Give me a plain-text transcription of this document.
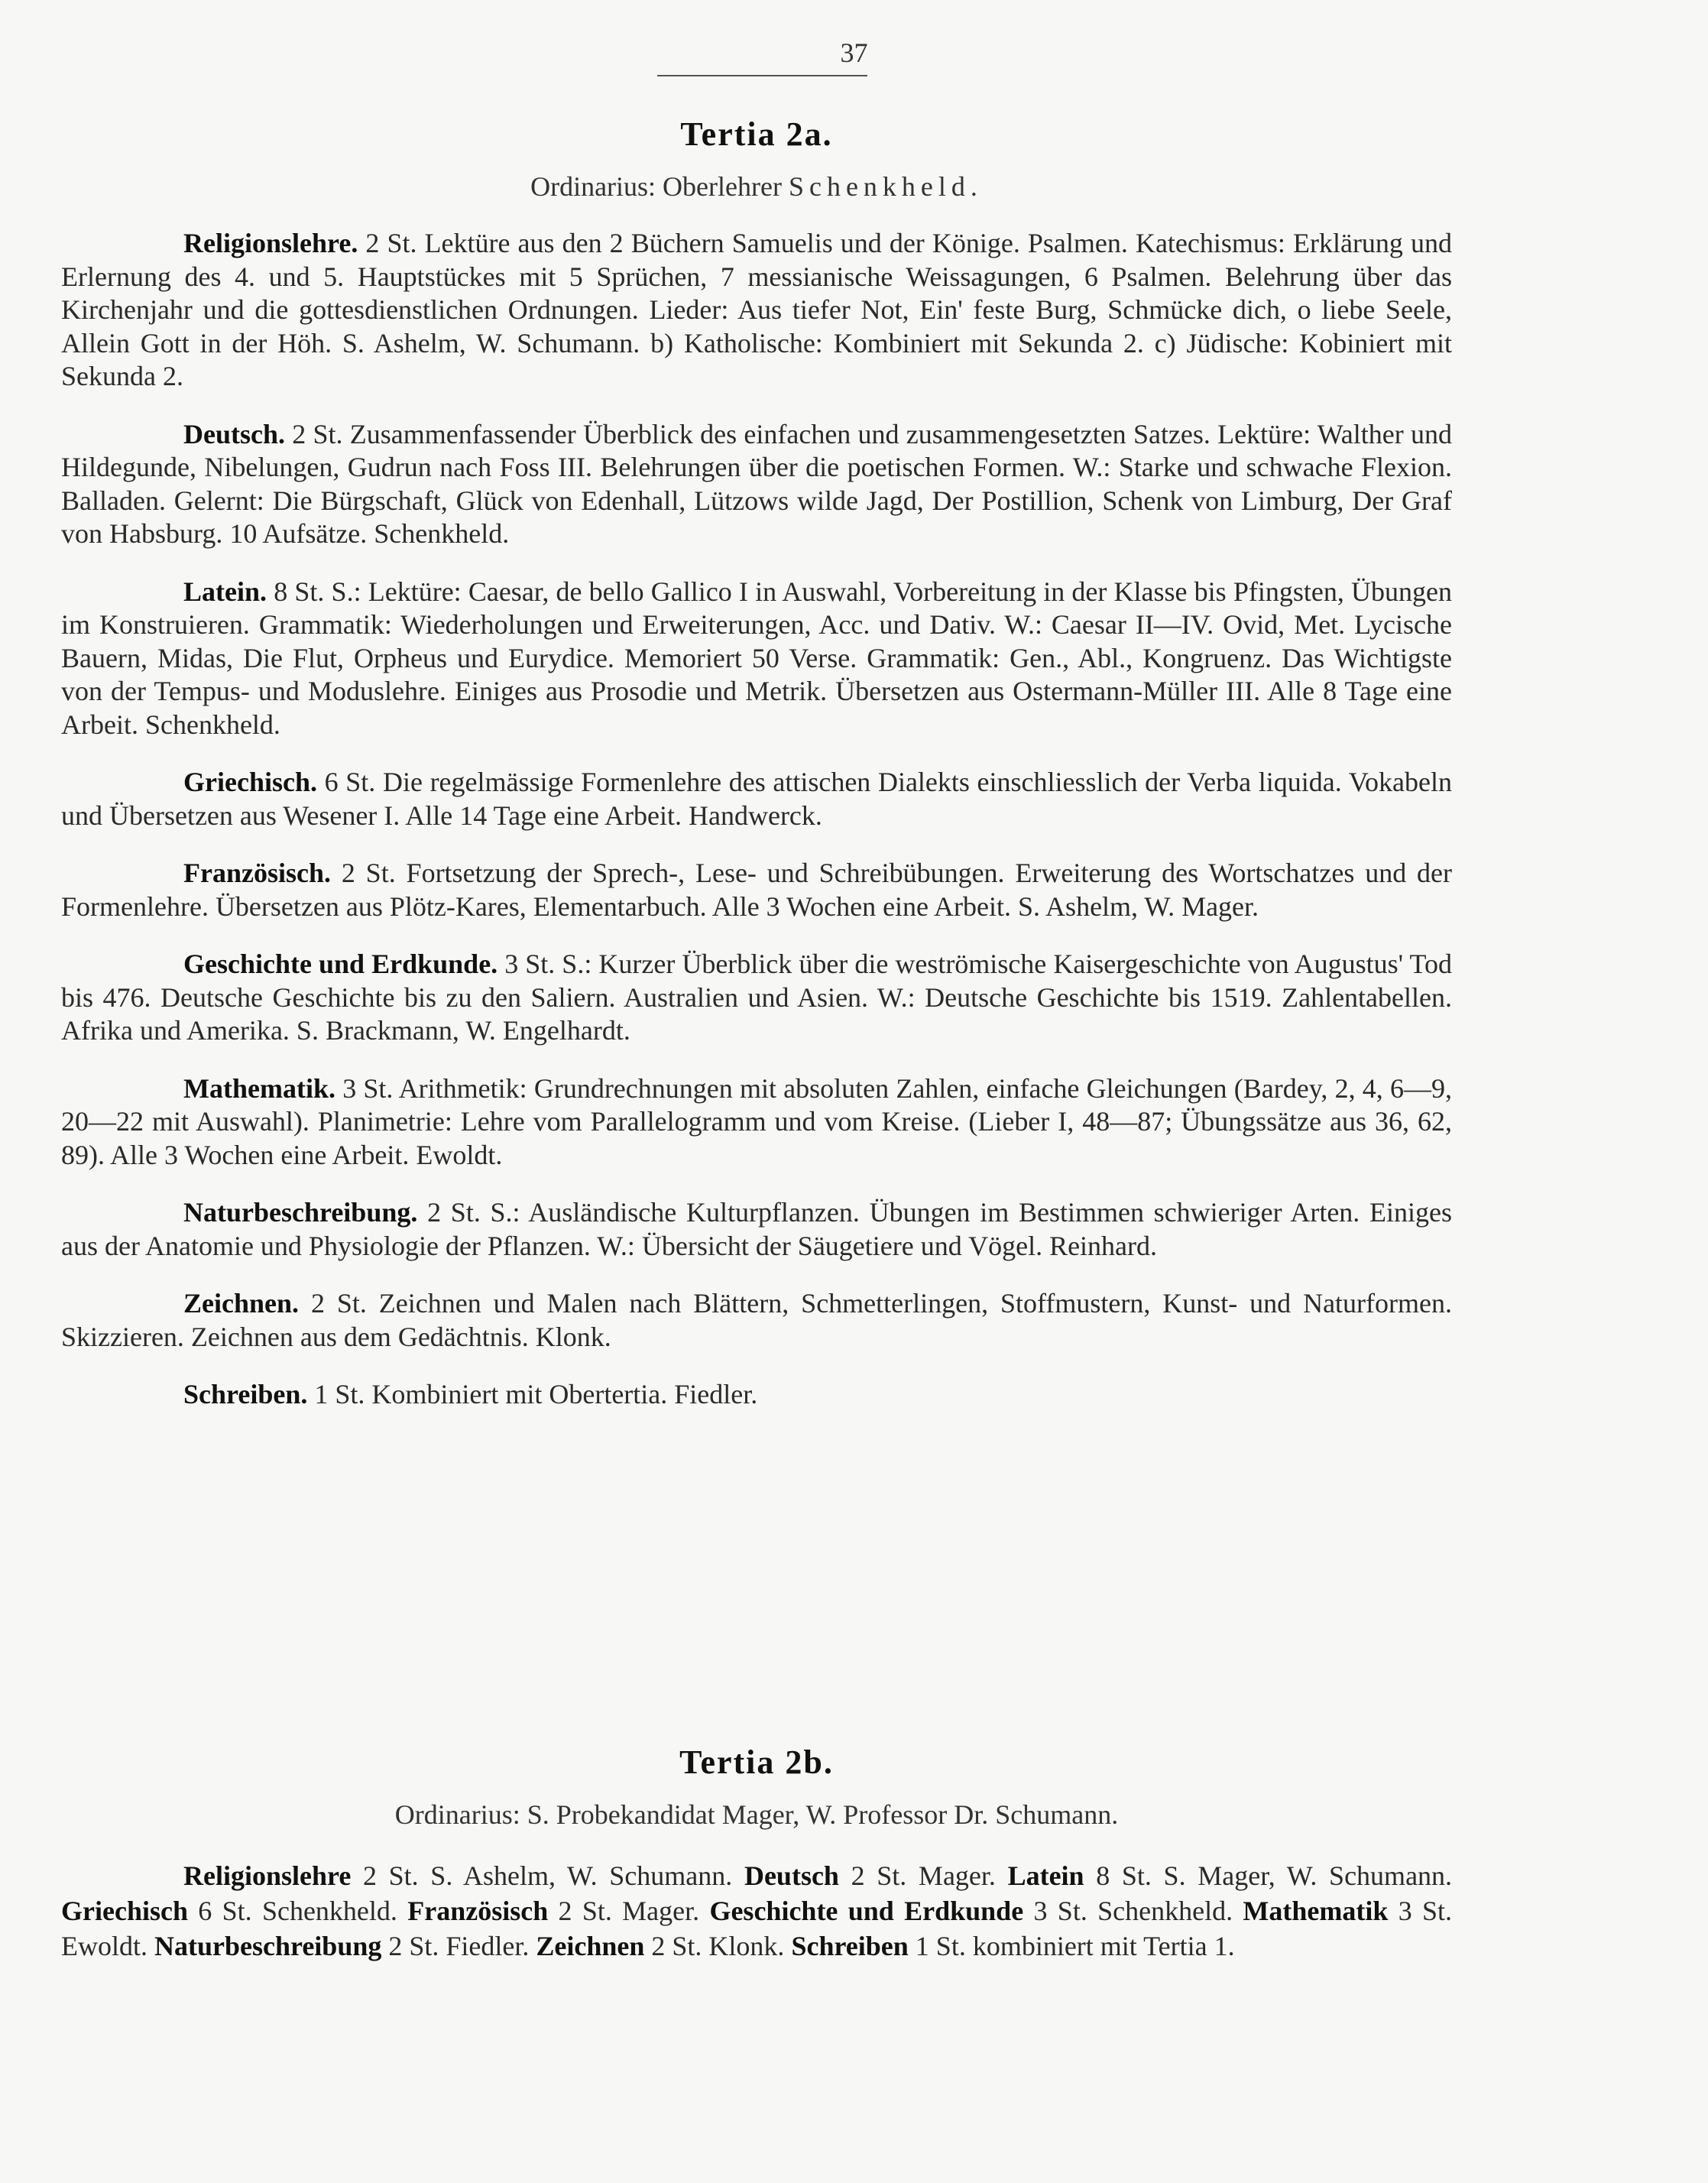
37
Tertia 2a.
Ordinarius: Oberlehrer Schenkheld.

Religionslehre. 2 St. Lektüre aus den 2 Büchern Samuelis und der Könige. Psalmen. Katechismus: Erklärung und Erlernung des 4. und 5. Hauptstückes mit 5 Sprüchen, 7 messianische Weissagungen, 6 Psalmen. Belehrung über das Kirchenjahr und die gottesdienstlichen Ordnungen. Lieder: Aus tiefer Not, Ein' feste Burg, Schmücke dich, o liebe Seele, Allein Gott in der Höh. S. Ashelm, W. Schumann. b) Katholische: Kombiniert mit Sekunda 2. c) Jüdische: Kobiniert mit Sekunda 2.

Deutsch. 2 St. Zusammenfassender Überblick des einfachen und zusammengesetzten Satzes. Lektüre: Walther und Hildegunde, Nibelungen, Gudrun nach Foss III. Belehrungen über die poetischen Formen. W.: Starke und schwache Flexion. Balladen. Gelernt: Die Bürgschaft, Glück von Edenhall, Lützows wilde Jagd, Der Postillion, Schenk von Limburg, Der Graf von Habsburg. 10 Aufsätze. Schenkheld.

Latein. 8 St. S.: Lektüre: Caesar, de bello Gallico I in Auswahl, Vorbereitung in der Klasse bis Pfingsten, Übungen im Konstruieren. Grammatik: Wiederholungen und Erweiterungen, Acc. und Dativ. W.: Caesar II—IV. Ovid, Met. Lycische Bauern, Midas, Die Flut, Orpheus und Eurydice. Memoriert 50 Verse. Grammatik: Gen., Abl., Kongruenz. Das Wichtigste von der Tempus- und Moduslehre. Einiges aus Prosodie und Metrik. Übersetzen aus Ostermann-Müller III. Alle 8 Tage eine Arbeit. Schenkheld.

Griechisch. 6 St. Die regelmässige Formenlehre des attischen Dialekts einschliesslich der Verba liquida. Vokabeln und Übersetzen aus Wesener I. Alle 14 Tage eine Arbeit. Handwerck.

Französisch. 2 St. Fortsetzung der Sprech-, Lese- und Schreibübungen. Erweiterung des Wortschatzes und der Formenlehre. Übersetzen aus Plötz-Kares, Elementarbuch. Alle 3 Wochen eine Arbeit. S. Ashelm, W. Mager.

Geschichte und Erdkunde. 3 St. S.: Kurzer Überblick über die weströmische Kaisergeschichte von Augustus' Tod bis 476. Deutsche Geschichte bis zu den Saliern. Australien und Asien. W.: Deutsche Geschichte bis 1519. Zahlentabellen. Afrika und Amerika. S. Brackmann, W. Engelhardt.

Mathematik. 3 St. Arithmetik: Grundrechnungen mit absoluten Zahlen, einfache Gleichungen (Bardey, 2, 4, 6—9, 20—22 mit Auswahl). Planimetrie: Lehre vom Parallelogramm und vom Kreise. (Lieber I, 48—87; Übungssätze aus 36, 62, 89). Alle 3 Wochen eine Arbeit. Ewoldt.

Naturbeschreibung. 2 St. S.: Ausländische Kulturpflanzen. Übungen im Bestimmen schwieriger Arten. Einiges aus der Anatomie und Physiologie der Pflanzen. W.: Übersicht der Säugetiere und Vögel. Reinhard.

Zeichnen. 2 St. Zeichnen und Malen nach Blättern, Schmetterlingen, Stoffmustern, Kunst- und Naturformen. Skizzieren. Zeichnen aus dem Gedächtnis. Klonk.

Schreiben. 1 St. Kombiniert mit Obertertia. Fiedler.

Tertia 2b.
Ordinarius: S. Probekandidat Mager, W. Professor Dr. Schumann.

Religionslehre 2 St. S. Ashelm, W. Schumann. Deutsch 2 St. Mager. Latein 8 St. S. Mager, W. Schumann. Griechisch 6 St. Schenkheld. Französisch 2 St. Mager. Geschichte und Erdkunde 3 St. Schenkheld. Mathematik 3 St. Ewoldt. Naturbeschreibung 2 St. Fiedler. Zeichnen 2 St. Klonk. Schreiben 1 St. kombiniert mit Tertia 1.
